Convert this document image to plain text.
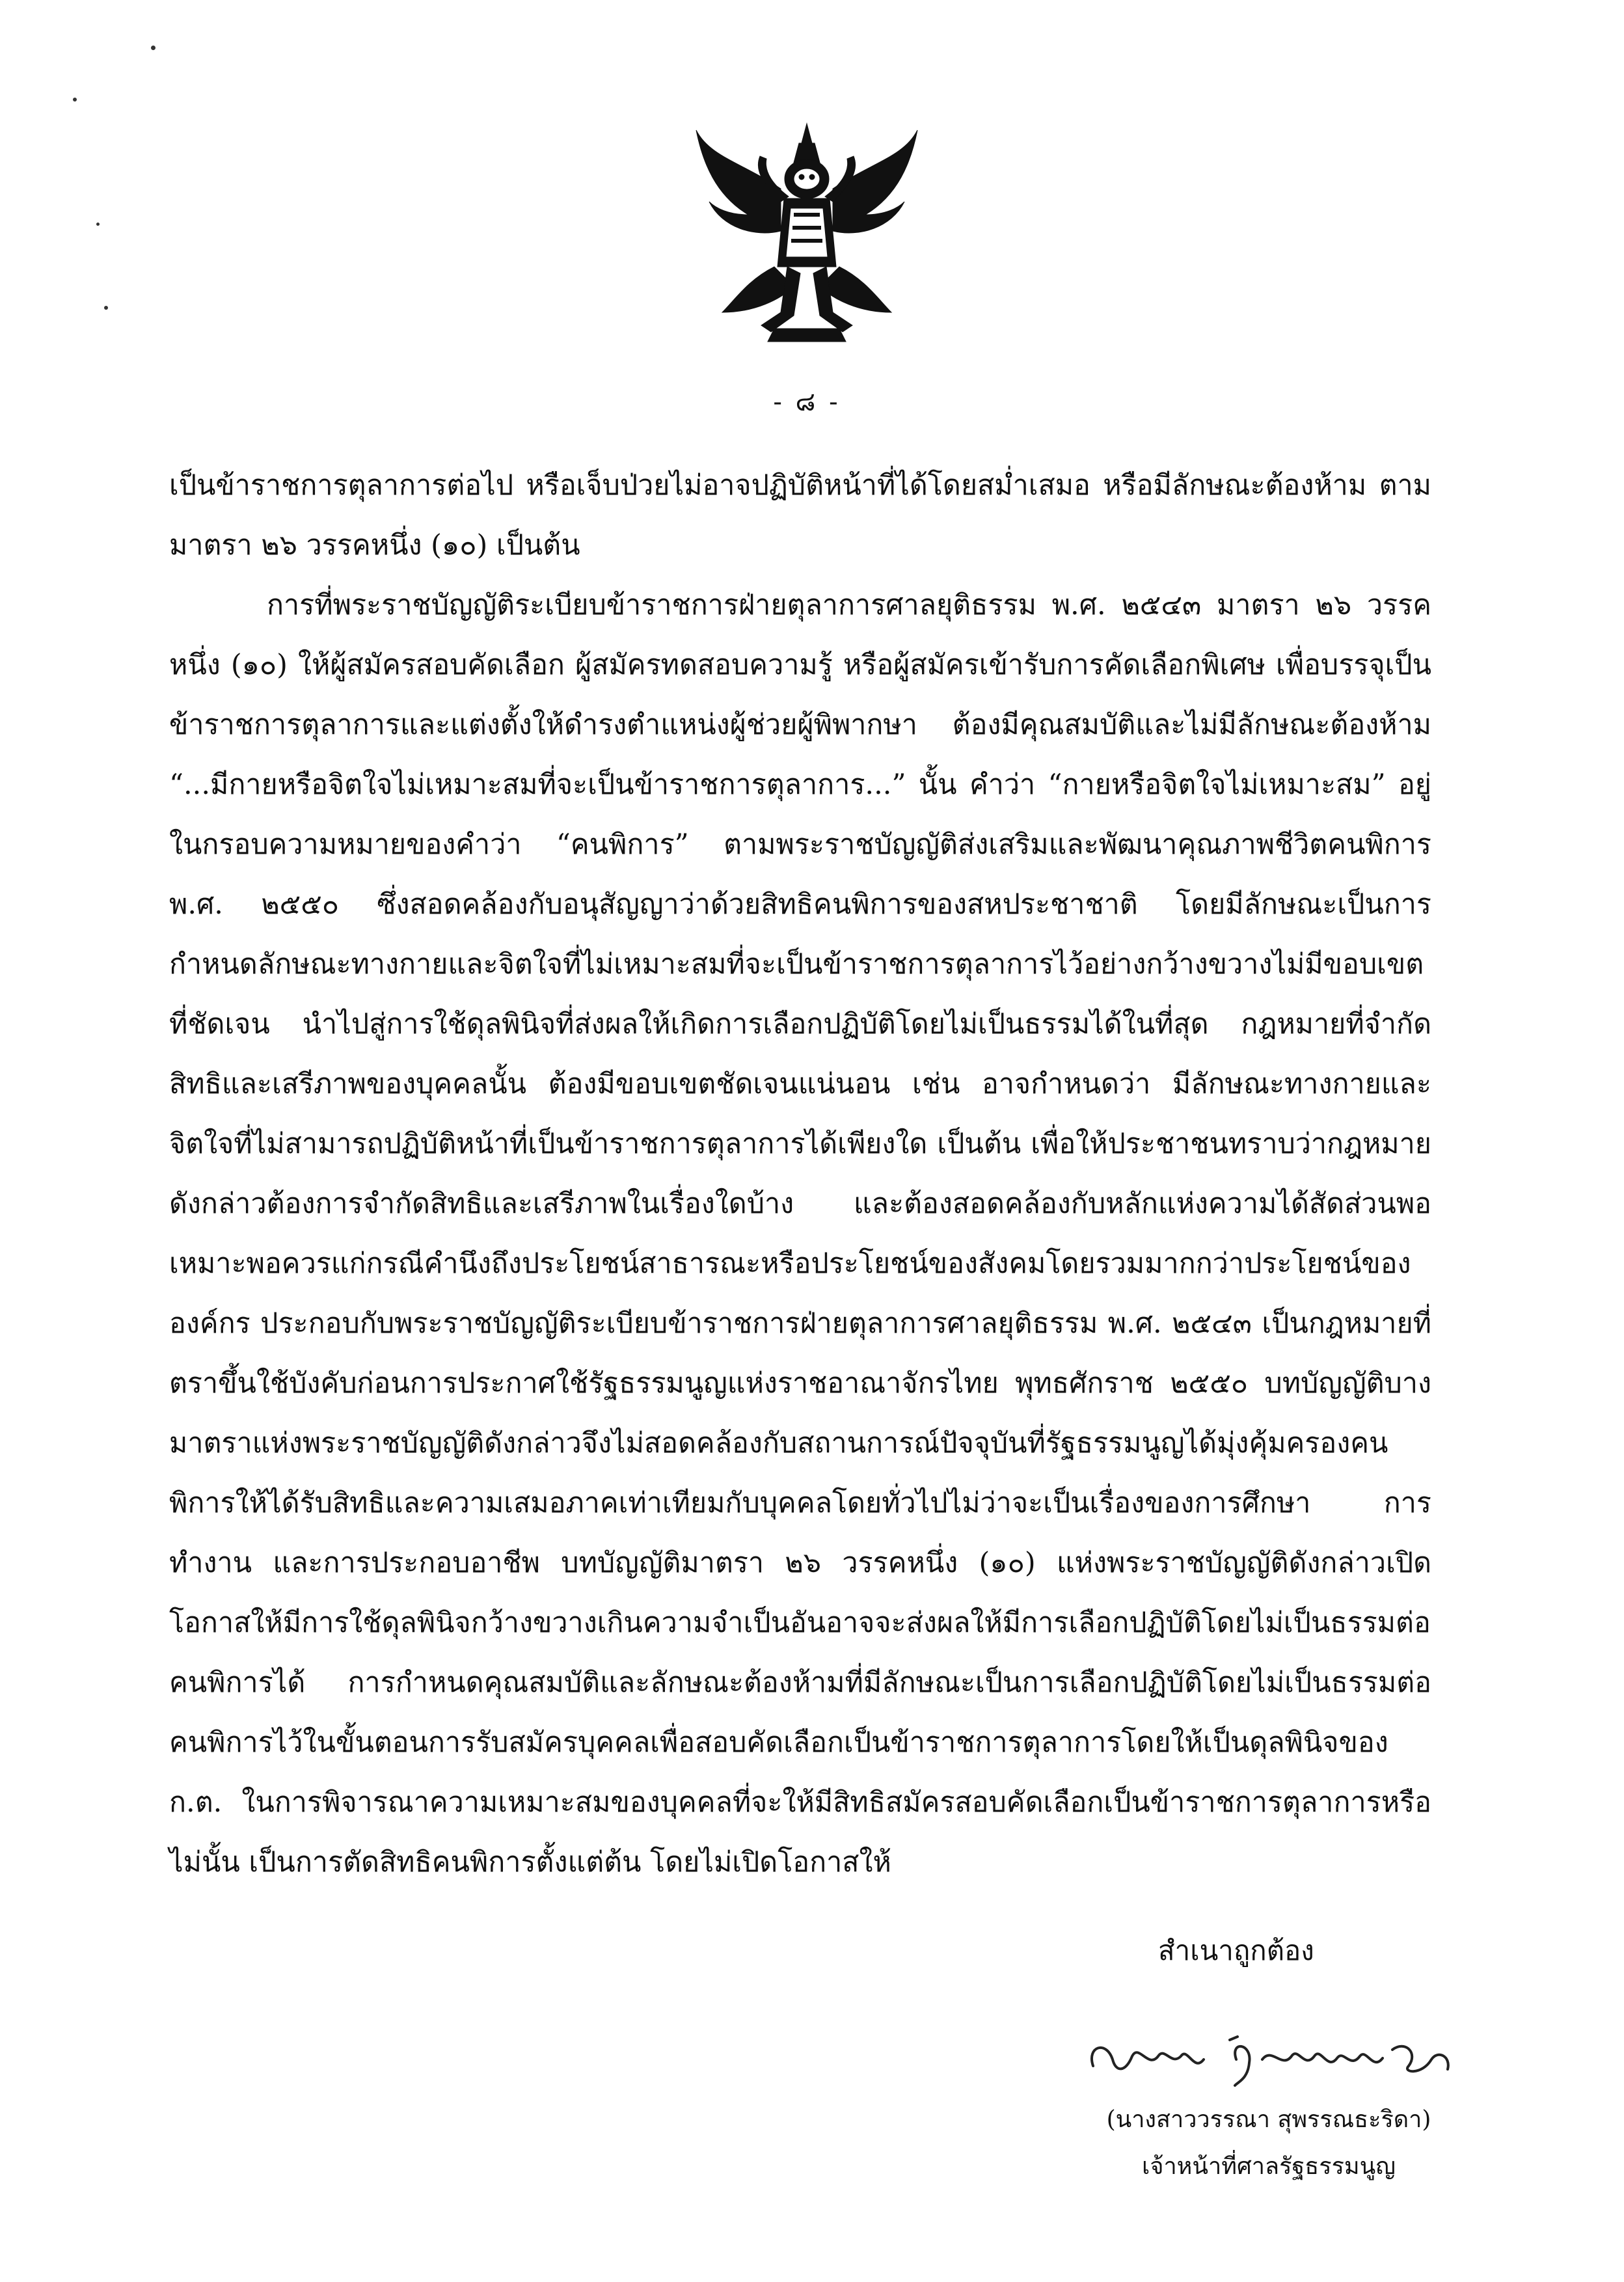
- ๘ -

เป็นข้าราชการตุลาการต่อไป หรือเจ็บป่วยไม่อาจปฏิบัติหน้าที่ได้โดยสม่ำเสมอ หรือมีลักษณะต้องห้าม ตามมาตรา ๒๖ วรรคหนึ่ง (๑๐) เป็นต้น

การที่พระราชบัญญัติระเบียบข้าราชการฝ่ายตุลาการศาลยุติธรรม พ.ศ. ๒๕๔๓ มาตรา ๒๖ วรรคหนึ่ง (๑๐) ให้ผู้สมัครสอบคัดเลือก ผู้สมัครทดสอบความรู้ หรือผู้สมัครเข้ารับการคัดเลือกพิเศษ เพื่อบรรจุเป็นข้าราชการตุลาการและแต่งตั้งให้ดำรงตำแหน่งผู้ช่วยผู้พิพากษา ต้องมีคุณสมบัติและไม่มีลักษณะต้องห้าม “...มีกายหรือจิตใจไม่เหมาะสมที่จะเป็นข้าราชการตุลาการ...” นั้น คำว่า “กายหรือจิตใจไม่เหมาะสม” อยู่ในกรอบความหมายของคำว่า “คนพิการ” ตามพระราชบัญญัติส่งเสริมและพัฒนาคุณภาพชีวิตคนพิการ พ.ศ. ๒๕๕๐ ซึ่งสอดคล้องกับอนุสัญญาว่าด้วยสิทธิคนพิการของสหประชาชาติ โดยมีลักษณะเป็นการกำหนดลักษณะทางกายและจิตใจที่ไม่เหมาะสมที่จะเป็นข้าราชการตุลาการไว้อย่างกว้างขวางไม่มีขอบเขตที่ชัดเจน นำไปสู่การใช้ดุลพินิจที่ส่งผลให้เกิดการเลือกปฏิบัติโดยไม่เป็นธรรมได้ในที่สุด กฎหมายที่จำกัดสิทธิและเสรีภาพของบุคคลนั้น ต้องมีขอบเขตชัดเจนแน่นอน เช่น อาจกำหนดว่า มีลักษณะทางกายและจิตใจที่ไม่สามารถปฏิบัติหน้าที่เป็นข้าราชการตุลาการได้เพียงใด เป็นต้น เพื่อให้ประชาชนทราบว่ากฎหมายดังกล่าวต้องการจำกัดสิทธิและเสรีภาพในเรื่องใดบ้าง และต้องสอดคล้องกับหลักแห่งความได้สัดส่วนพอเหมาะพอควรแก่กรณีคำนึงถึงประโยชน์สาธารณะหรือประโยชน์ของสังคมโดยรวมมากกว่าประโยชน์ขององค์กร ประกอบกับพระราชบัญญัติระเบียบข้าราชการฝ่ายตุลาการศาลยุติธรรม พ.ศ. ๒๕๔๓ เป็นกฎหมายที่ตราขึ้นใช้บังคับก่อนการประกาศใช้รัฐธรรมนูญแห่งราชอาณาจักรไทย พุทธศักราช ๒๕๕๐ บทบัญญัติบางมาตราแห่งพระราชบัญญัติดังกล่าวจึงไม่สอดคล้องกับสถานการณ์ปัจจุบันที่รัฐธรรมนูญได้มุ่งคุ้มครองคนพิการให้ได้รับสิทธิและความเสมอภาคเท่าเทียมกับบุคคลโดยทั่วไปไม่ว่าจะเป็นเรื่องของการศึกษา การทำงาน และการประกอบอาชีพ บทบัญญัติมาตรา ๒๖ วรรคหนึ่ง (๑๐) แห่งพระราชบัญญัติดังกล่าวเปิดโอกาสให้มีการใช้ดุลพินิจกว้างขวางเกินความจำเป็นอันอาจจะส่งผลให้มีการเลือกปฏิบัติโดยไม่เป็นธรรมต่อคนพิการได้ การกำหนดคุณสมบัติและลักษณะต้องห้ามที่มีลักษณะเป็นการเลือกปฏิบัติโดยไม่เป็นธรรมต่อคนพิการไว้ในขั้นตอนการรับสมัครบุคคลเพื่อสอบคัดเลือกเป็นข้าราชการตุลาการโดยให้เป็นดุลพินิจของ ก.ต. ในการพิจารณาความเหมาะสมของบุคคลที่จะให้มีสิทธิสมัครสอบคัดเลือกเป็นข้าราชการตุลาการหรือไม่นั้น เป็นการตัดสิทธิคนพิการตั้งแต่ต้น โดยไม่เปิดโอกาสให้

สำเนาถูกต้อง
(นางสาววรรณา สุพรรณธะริดา)
เจ้าหน้าที่ศาลรัฐธรรมนูญ
